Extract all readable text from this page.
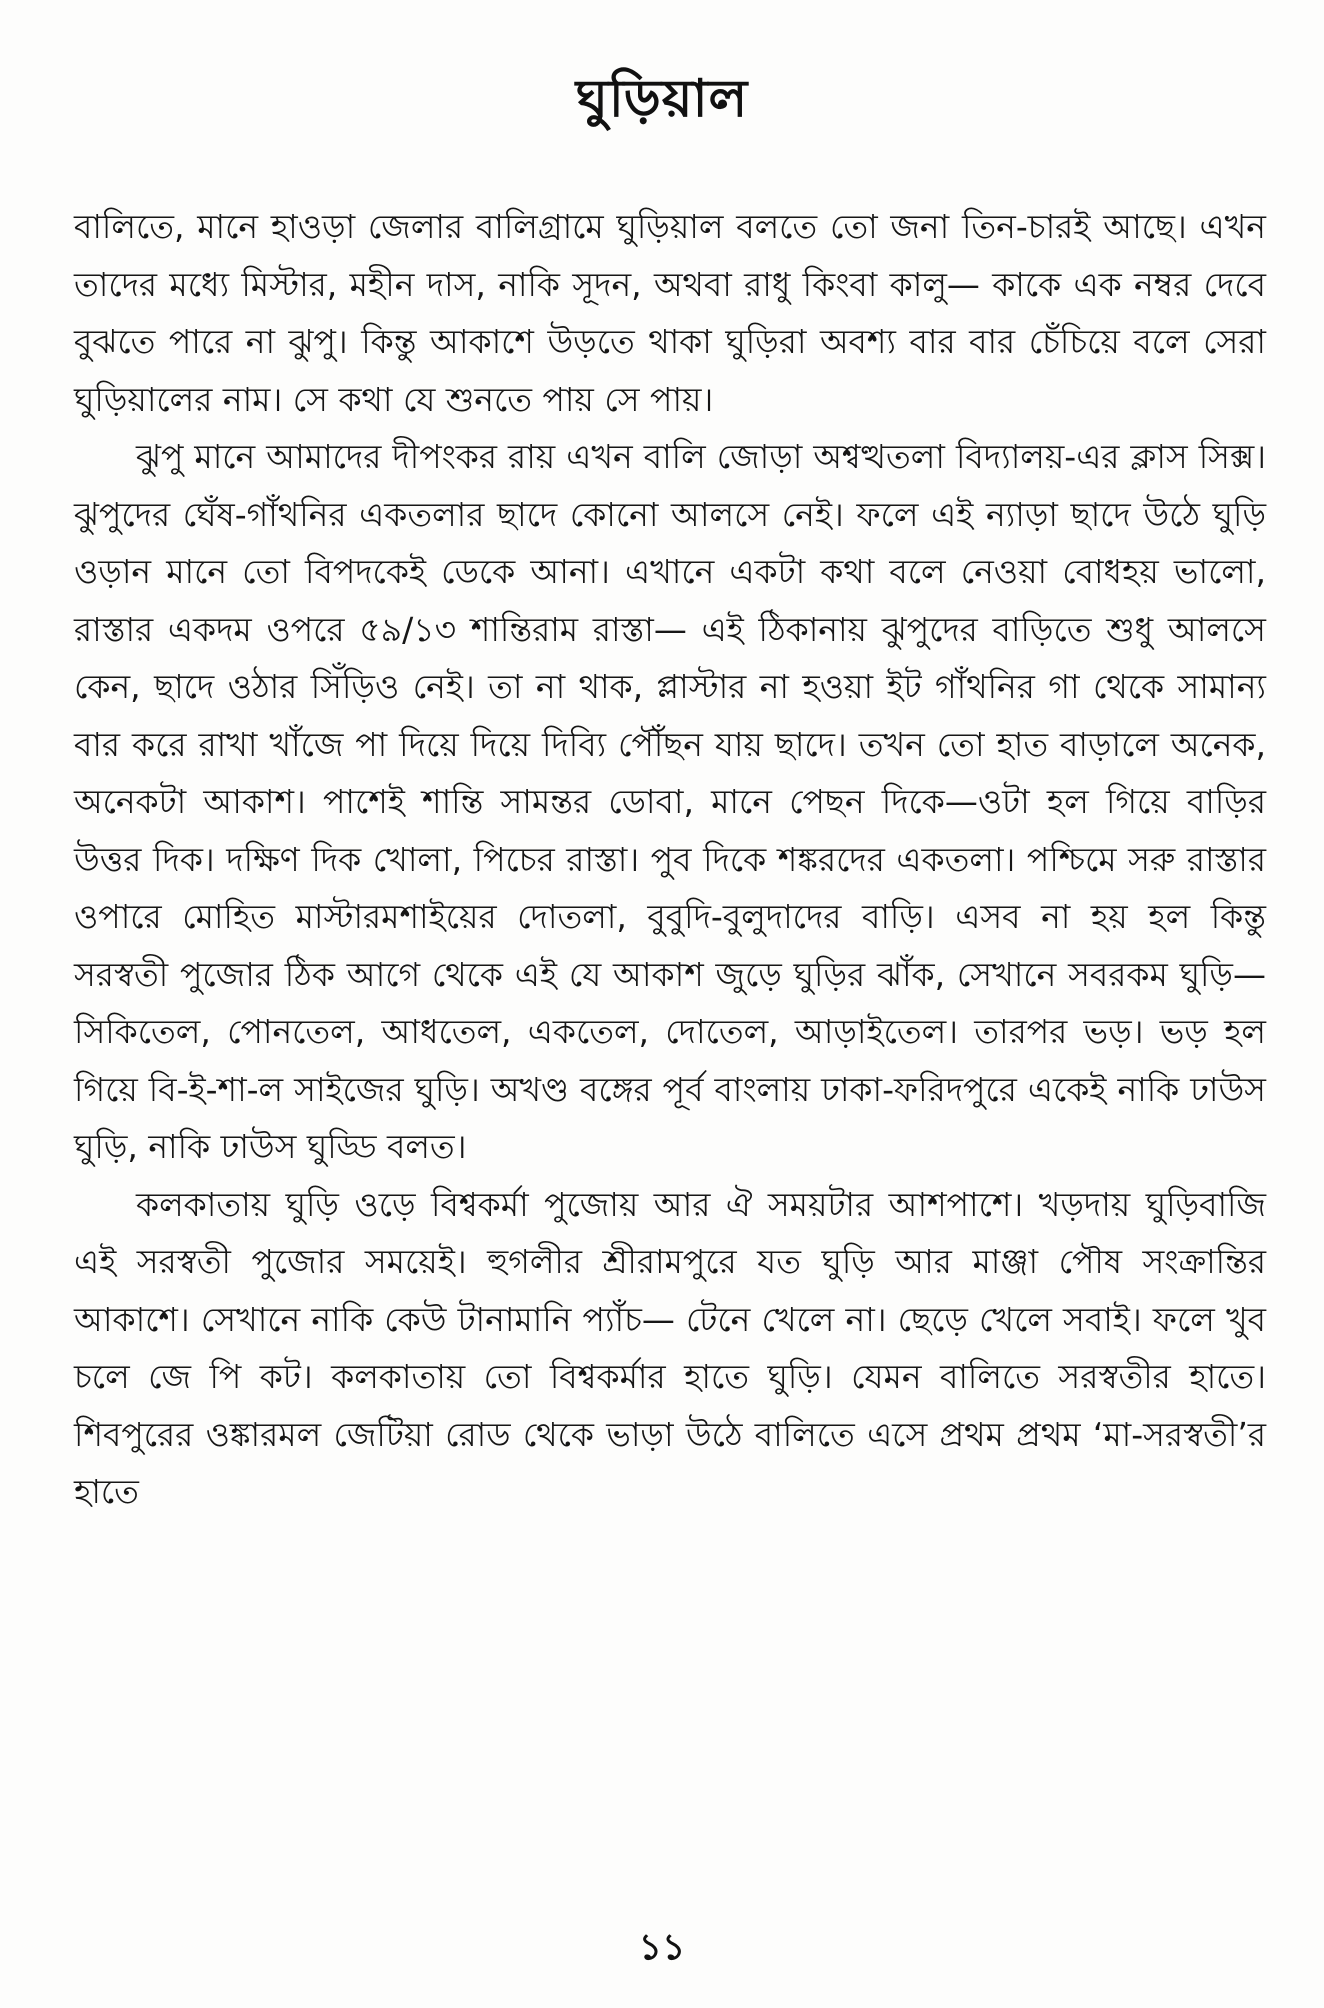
ঘুড়িয়াল

বালিতে, মানে হাওড়া জেলার বালিগ্রামে ঘুড়িয়াল বলতে তো জনা তিন-চারই আছে। এখন তাদের মধ্যে মিস্টার, মহীন দাস, নাকি সূদন, অথবা রাধু কিংবা কালু— কাকে এক নম্বর দেবে বুঝতে পারে না ঝুপু। কিন্তু আকাশে উড়তে থাকা ঘুড়িরা অবশ্য বার বার চেঁচিয়ে বলে সেরা ঘুড়িয়ালের নাম। সে কথা যে শুনতে পায় সে পায়।

ঝুপু মানে আমাদের দীপংকর রায় এখন বালি জোড়া অশ্বত্থতলা বিদ্যালয়-এর ক্লাস সিক্স। ঝুপুদের ঘেঁষ-গাঁথনির একতলার ছাদে কোনো আলসে নেই। ফলে এই ন্যাড়া ছাদে উঠে ঘুড়ি ওড়ান মানে তো বিপদকেই ডেকে আনা। এখানে একটা কথা বলে নেওয়া বোধহয় ভালো, রাস্তার একদম ওপরে ৫৯/১৩ শান্তিরাম রাস্তা— এই ঠিকানায় ঝুপুদের বাড়িতে শুধু আলসে কেন, ছাদে ওঠার সিঁড়িও নেই। তা না থাক, প্লাস্টার না হওয়া ইট গাঁথনির গা থেকে সামান্য বার করে রাখা খাঁজে পা দিয়ে দিয়ে দিব্যি পৌঁছন যায় ছাদে। তখন তো হাত বাড়ালে অনেক, অনেকটা আকাশ। পাশেই শান্তি সামন্তর ডোবা, মানে পেছন দিকে—ওটা হল গিয়ে বাড়ির উত্তর দিক। দক্ষিণ দিক খোলা, পিচের রাস্তা। পুব দিকে শঙ্করদের একতলা। পশ্চিমে সরু রাস্তার ওপারে মোহিত মাস্টারমশাইয়ের দোতলা, বুবুদি-বুলুদাদের বাড়ি। এসব না হয় হল কিন্তু সরস্বতী পুজোর ঠিক আগে থেকে এই যে আকাশ জুড়ে ঘুড়ির ঝাঁক, সেখানে সবরকম ঘুড়ি— সিকিতেল, পোনতেল, আধতেল, একতেল, দোতেল, আড়াইতেল। তারপর ভড়। ভড় হল গিয়ে বি-ই-শা-ল সাইজের ঘুড়ি। অখণ্ড বঙ্গের পূর্ব বাংলায় ঢাকা-ফরিদপুরে একেই নাকি ঢাউস ঘুড়ি, নাকি ঢাউস ঘুড্ডি বলত।

কলকাতায় ঘুড়ি ওড়ে বিশ্বকর্মা পুজোয় আর ঐ সময়টার আশপাশে। খড়দায় ঘুড়িবাজি এই সরস্বতী পুজোর সময়েই। হুগলীর শ্রীরামপুরে যত ঘুড়ি আর মাঞ্জা পৌষ সংক্রান্তির আকাশে। সেখানে নাকি কেউ টানামানি প্যাঁচ— টেনে খেলে না। ছেড়ে খেলে সবাই। ফলে খুব চলে জে পি কট। কলকাতায় তো বিশ্বকর্মার হাতে ঘুড়ি। যেমন বালিতে সরস্বতীর হাতে। শিবপুরের ওঙ্কারমল জেটিয়া রোড থেকে ভাড়া উঠে বালিতে এসে প্রথম প্রথম ‘মা-সরস্বতী’র হাতে

১১
